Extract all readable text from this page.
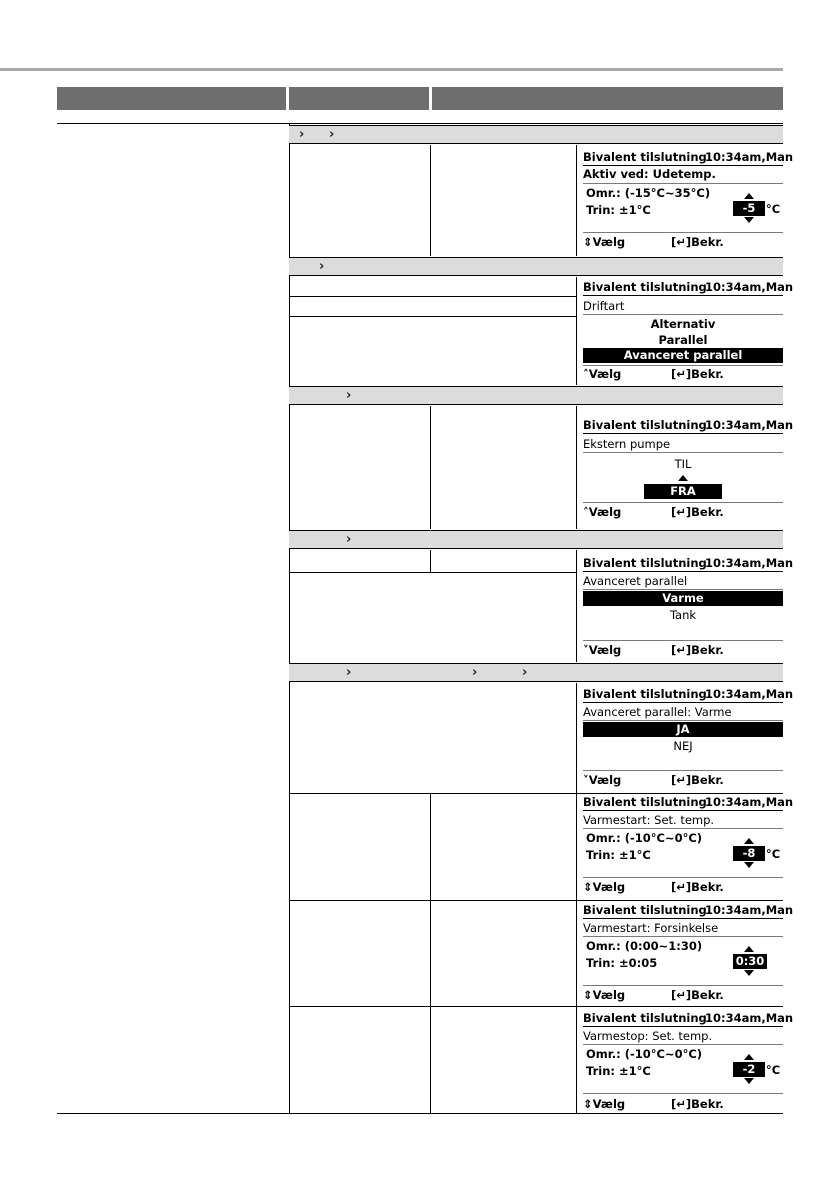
› ›
›
›
›
›	›	›
Bivalent tilslutning
10:34am,Man
Aktiv ved: Udetemp.
Omr.: (-15°C~35°C)
Trin: ±1°C	-5 °C
⇕Vælg	[↵]Bekr.
Bivalent tilslutning
10:34am,Man
Driftart
Alternativ
Parallel
Avanceret parallel
˄Vælg	[↵]Bekr.
Bivalent tilslutning
10:34am,Man
Ekstern pumpe
TIL
FRA
˄Vælg	[↵]Bekr.
Bivalent tilslutning
10:34am,Man
Avanceret parallel
Varme
Tank
˅Vælg	[↵]Bekr.
Bivalent tilslutning
10:34am,Man
Avanceret parallel: Varme
JA
NEJ
˅Vælg	[↵]Bekr.
Bivalent tilslutning
10:34am,Man
Varmestart: Set. temp.
Omr.: (-10°C~0°C)
Trin: ±1°C	-8 °C
⇕Vælg	[↵]Bekr.
Bivalent tilslutning
10:34am,Man
Varmestart: Forsinkelse
Omr.: (0:00~1:30)
Trin: ±0:05	0:30
⇕Vælg	[↵]Bekr.
Bivalent tilslutning
10:34am,Man
Varmestop: Set. temp.
Omr.: (-10°C~0°C)
Trin: ±1°C	-2 °C
⇕Vælg	[↵]Bekr.
